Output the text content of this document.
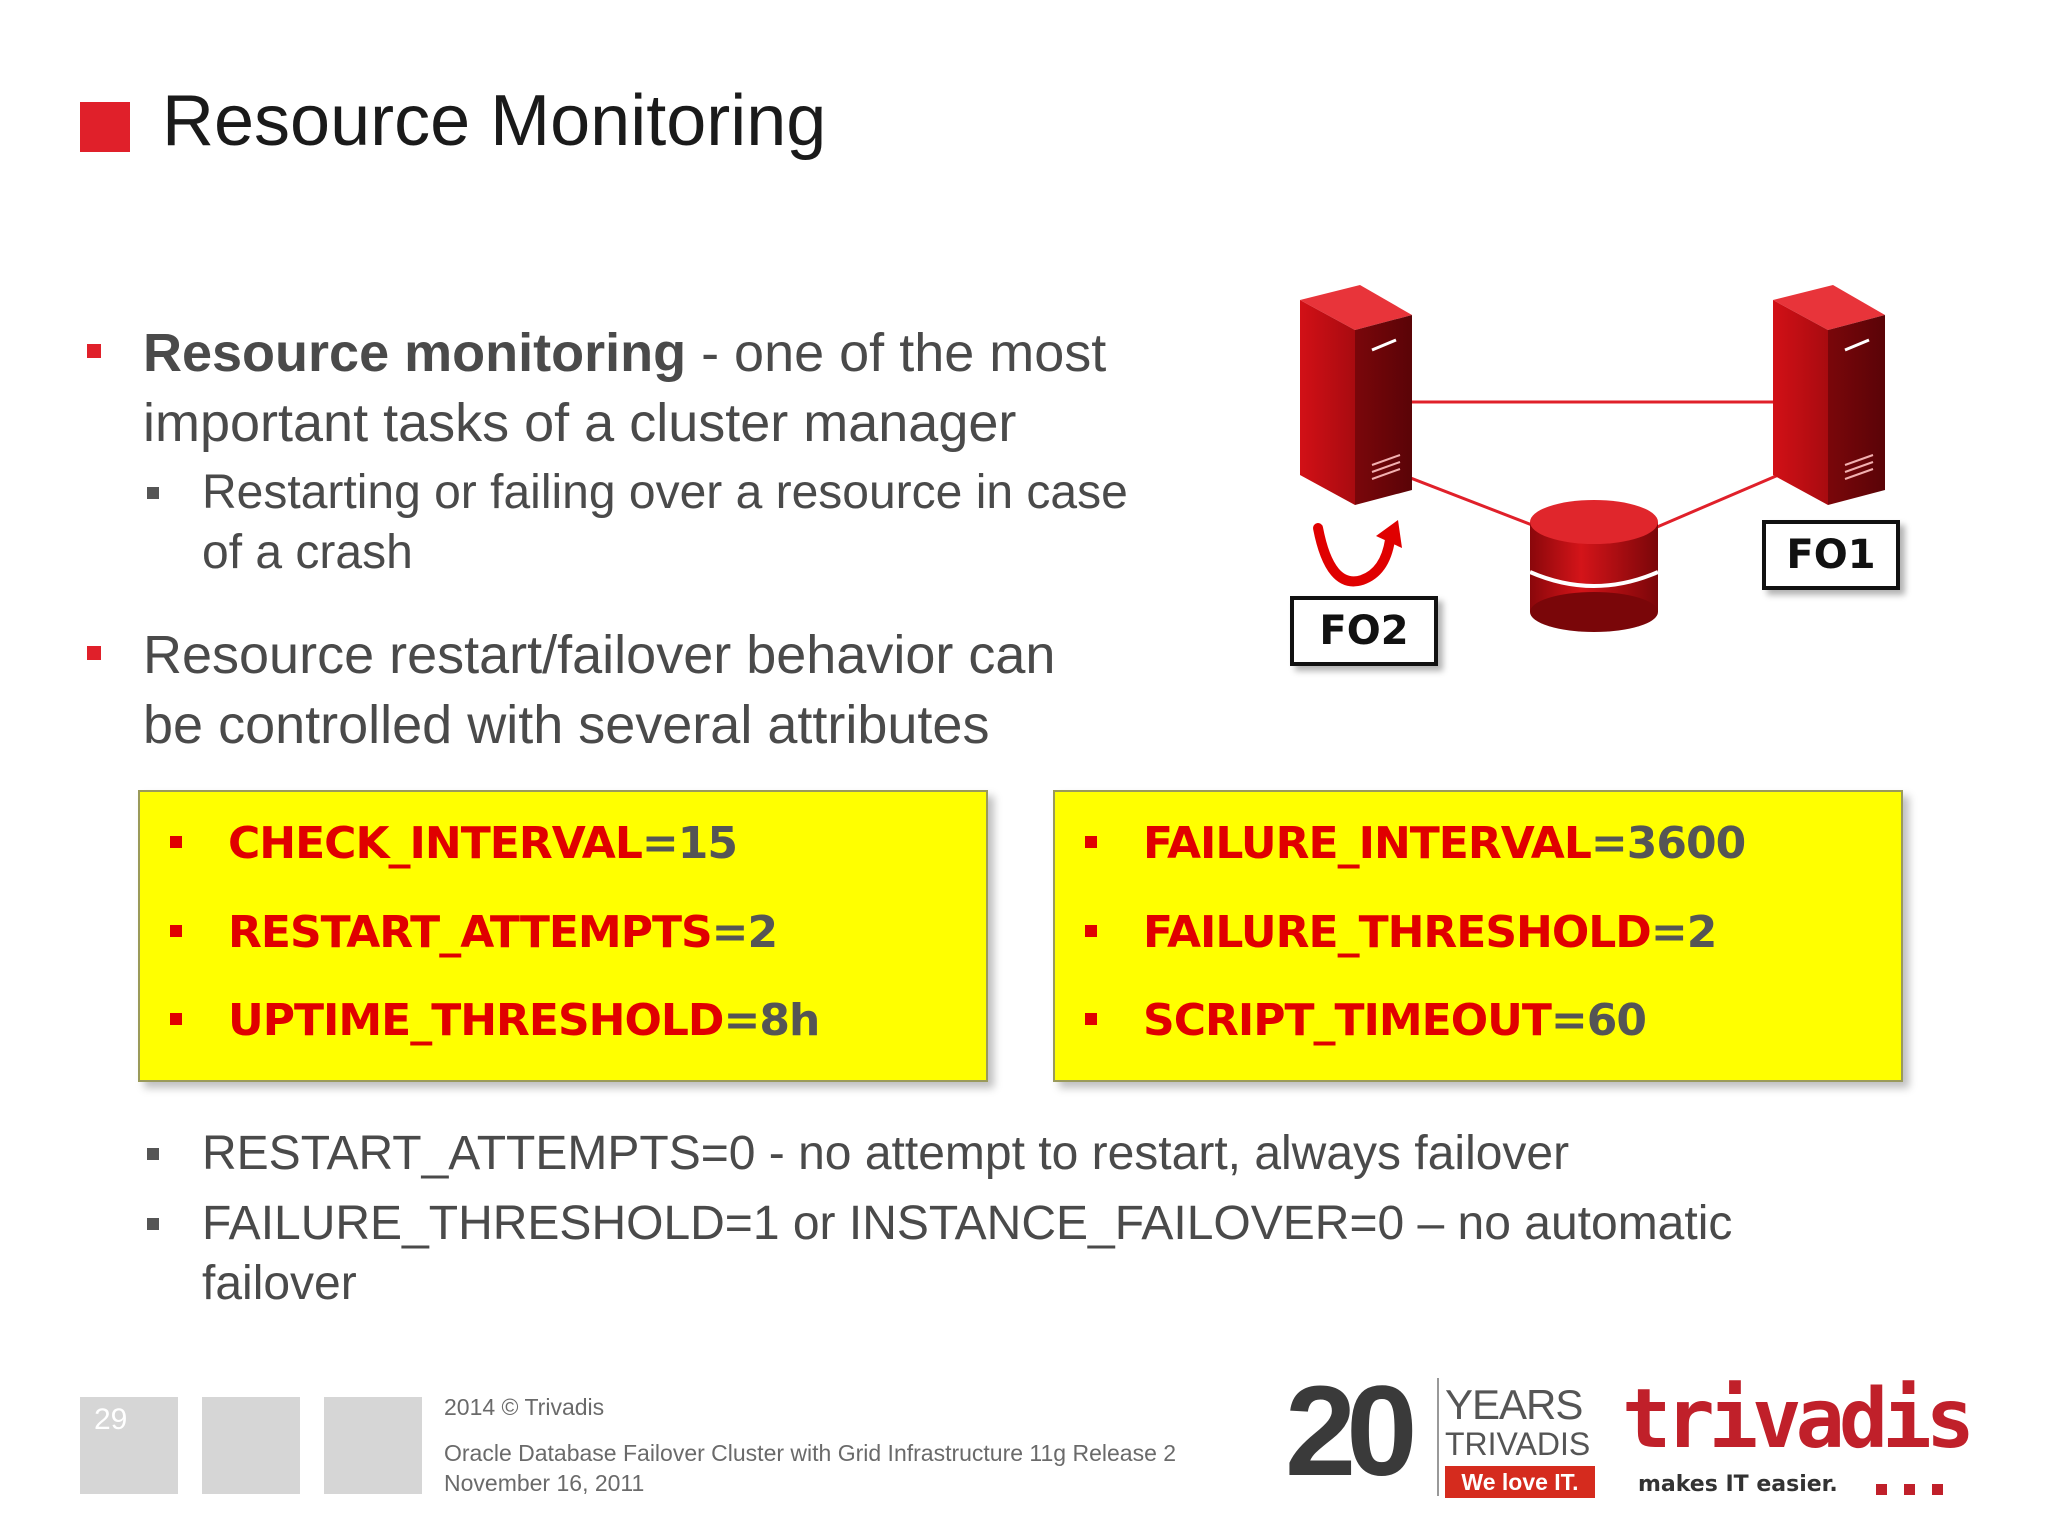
Resource Monitoring
Resource monitoring - one of the most
important tasks of a cluster manager
Restarting or failing over a resource in case
of a crash
Resource restart/failover behavior can
be controlled with several attributes
FO2
FO1
CHECK_INTERVAL=15
RESTART_ATTEMPTS=2
UPTIME_THRESHOLD=8h
FAILURE_INTERVAL=3600
FAILURE_THRESHOLD=2
SCRIPT_TIMEOUT=60
RESTART_ATTEMPTS=0 - no attempt to restart, always failover
FAILURE_THRESHOLD=1 or INSTANCE_FAILOVER=0 – no automatic
failover
29	2014 © Trivadis
Oracle Database Failover Cluster with Grid Infrastructure 11g Release 2
November 16, 2011	20 YEARS
TRIVADIS
We love IT.
trivadis
makes IT easier.
